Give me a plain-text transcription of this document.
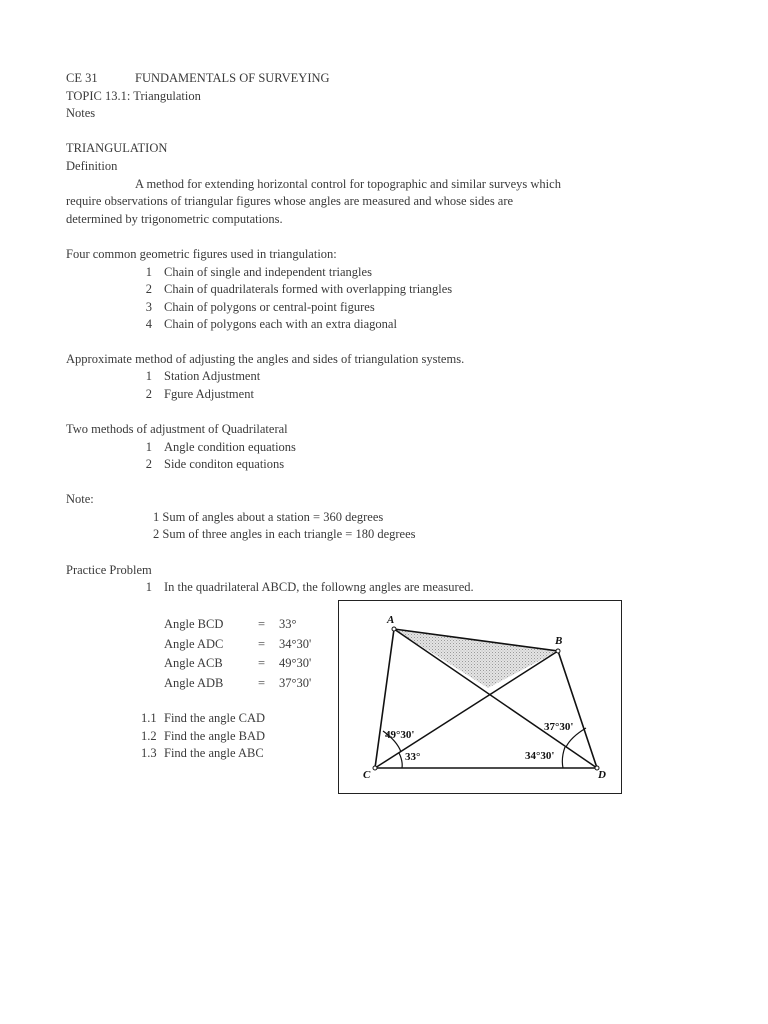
CE 31	FUNDAMENTALS OF SURVEYING
TOPIC 13.1: Triangulation
Notes
TRIANGULATION
Definition
A method for extending horizontal control for topographic and similar surveys which
require observations of triangular figures whose angles are measured and whose sides are
determined by trigonometric computations.
Four common geometric figures used in triangulation:
1 Chain of single and independent triangles
2 Chain of quadrilaterals formed with overlapping triangles
3 Chain of polygons or central-point figures
4 Chain of polygons each with an extra diagonal
Approximate method of adjusting the angles and sides of triangulation systems.
1 Station Adjustment
2 Fgure Adjustment
Two methods of adjustment of Quadrilateral
1 Angle condition equations
2 Side conditon equations
Note:
1 Sum of angles about a station = 360 degrees
2 Sum of three angles in each triangle = 180 degrees
Practice Problem
1 In the quadrilateral ABCD, the followng angles are measured.
Angle BCD	= 33°
Angle ADC	= 34°30'
Angle ACB	= 49°30'
Angle ADB	= 37°30'
1.1 Find the angle CAD
1.2 Find the angle BAD
1.3 Find the angle ABC
A
B
C	D
49°30'
33°
37°30'
34°30'
